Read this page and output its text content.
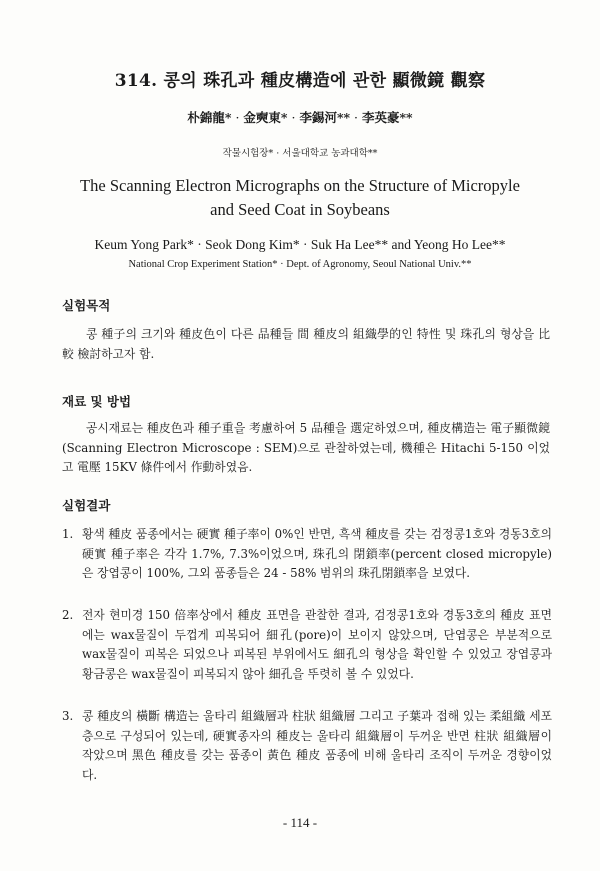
314. 콩의 珠孔과 種皮構造에 관한 顯微鏡 觀察
朴錦龍* · 金奭東* · 李錫河** · 李英豪**
작물시험장* · 서울대학교 농과대학**
The Scanning Electron Micrographs on the Structure of Micropyle
and Seed Coat in Soybeans
Keum Yong Park* · Seok Dong Kim* · Suk Ha Lee** and Yeong Ho Lee**
National Crop Experiment Station* · Dept. of Agronomy, Seoul National Univ.**
실험목적
콩 種子의 크기와 種皮色이 다른 品種들 間 種皮의 組織學的인 特性 및 珠孔의 형상을 比較 檢討하고자 함.
재료 및 방법
공시재료는 種皮色과 種子重을 考慮하여 5 品種을 選定하였으며, 種皮構造는 電子顯微鏡(Scanning Electron Microscope : SEM)으로 관찰하였는데, 機種은 Hitachi 5-150 이었고 電壓 15KV 條件에서 作動하였음.
실험결과
1. 황색 種皮 품종에서는 硬實 種子率이 0%인 반면, 흑색 種皮를 갖는 검정콩1호와 경동3호의 硬實 種子率은 각각 1.7%, 7.3%이었으며, 珠孔의 閉鎖率(percent closed micropyle)은 장엽콩이 100%, 그외 품종들은 24 - 58% 범위의 珠孔閉鎖率을 보였다.
2. 전자 현미경 150 倍率상에서 種皮 표면을 관찰한 결과, 검정콩1호와 경동3호의 種皮 표면에는 wax물질이 두껍게 피복되어 細孔(pore)이 보이지 않았으며, 단엽콩은 부분적으로 wax물질이 피복은 되었으나 피복된 부위에서도 細孔의 형상을 확인할 수 있었고 장엽콩과 황금콩은 wax물질이 피복되지 않아 細孔을 뚜렷히 볼 수 있었다.
3. 콩 種皮의 橫斷 構造는 울타리 組織層과 柱狀 組織層 그리고 子葉과 접해 있는 柔組織 세포층으로 구성되어 있는데, 硬實종자의 種皮는 울타리 組織層이 두꺼운 반면 柱狀 組織層이 작았으며 黑色 種皮를 갖는 품종이 黃色 種皮 품종에 비해 울타리 조직이 두꺼운 경향이었다.
- 114 -
